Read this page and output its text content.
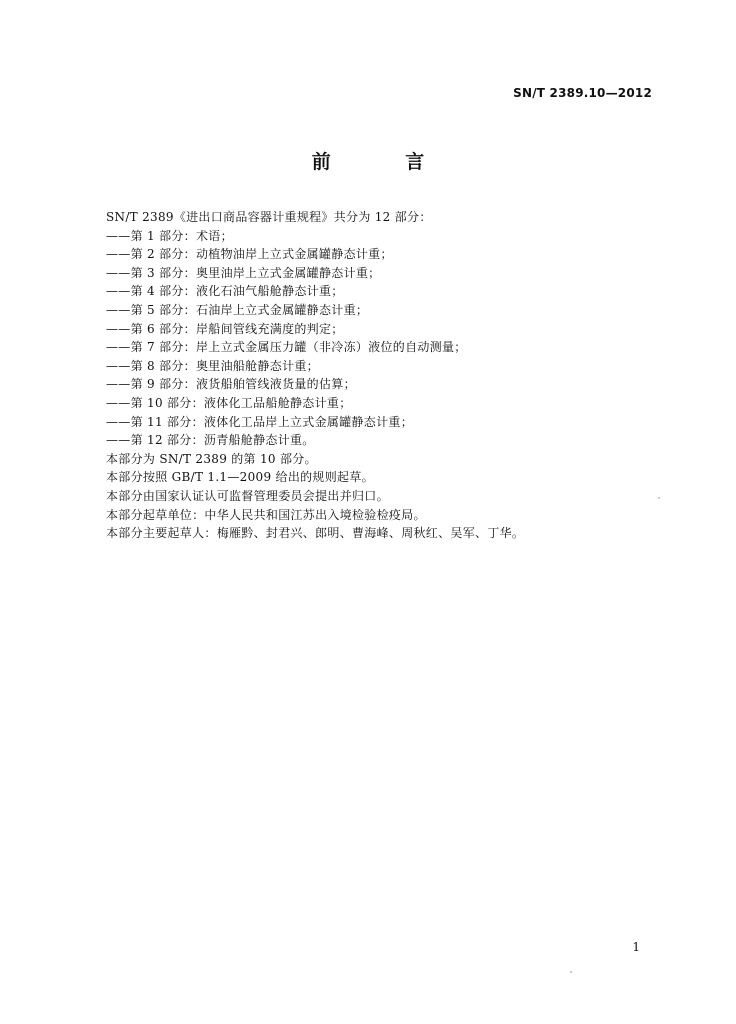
SN/T 2389.10—2012
前 言
SN/T 2389《进出口商品容器计重规程》共分为 12 部分：
——第 1 部分：术语；
——第 2 部分：动植物油岸上立式金属罐静态计重；
——第 3 部分：奥里油岸上立式金属罐静态计重；
——第 4 部分：液化石油气船舱静态计重；
——第 5 部分：石油岸上立式金属罐静态计重；
——第 6 部分：岸船间管线充满度的判定；
——第 7 部分：岸上立式金属压力罐（非冷冻）液位的自动测量；
——第 8 部分：奥里油船舱静态计重；
——第 9 部分：液货船舶管线液货量的估算；
——第 10 部分：液体化工品船舱静态计重；
——第 11 部分：液体化工品岸上立式金属罐静态计重；
——第 12 部分：沥青船舱静态计重。
本部分为 SN/T 2389 的第 10 部分。
本部分按照 GB/T 1.1—2009 给出的规则起草。
本部分由国家认证认可监督管理委员会提出并归口。
本部分起草单位：中华人民共和国江苏出入境检验检疫局。
本部分主要起草人：梅雁黔、封君兴、郎明、曹海峰、周秋红、吴军、丁华。
1
